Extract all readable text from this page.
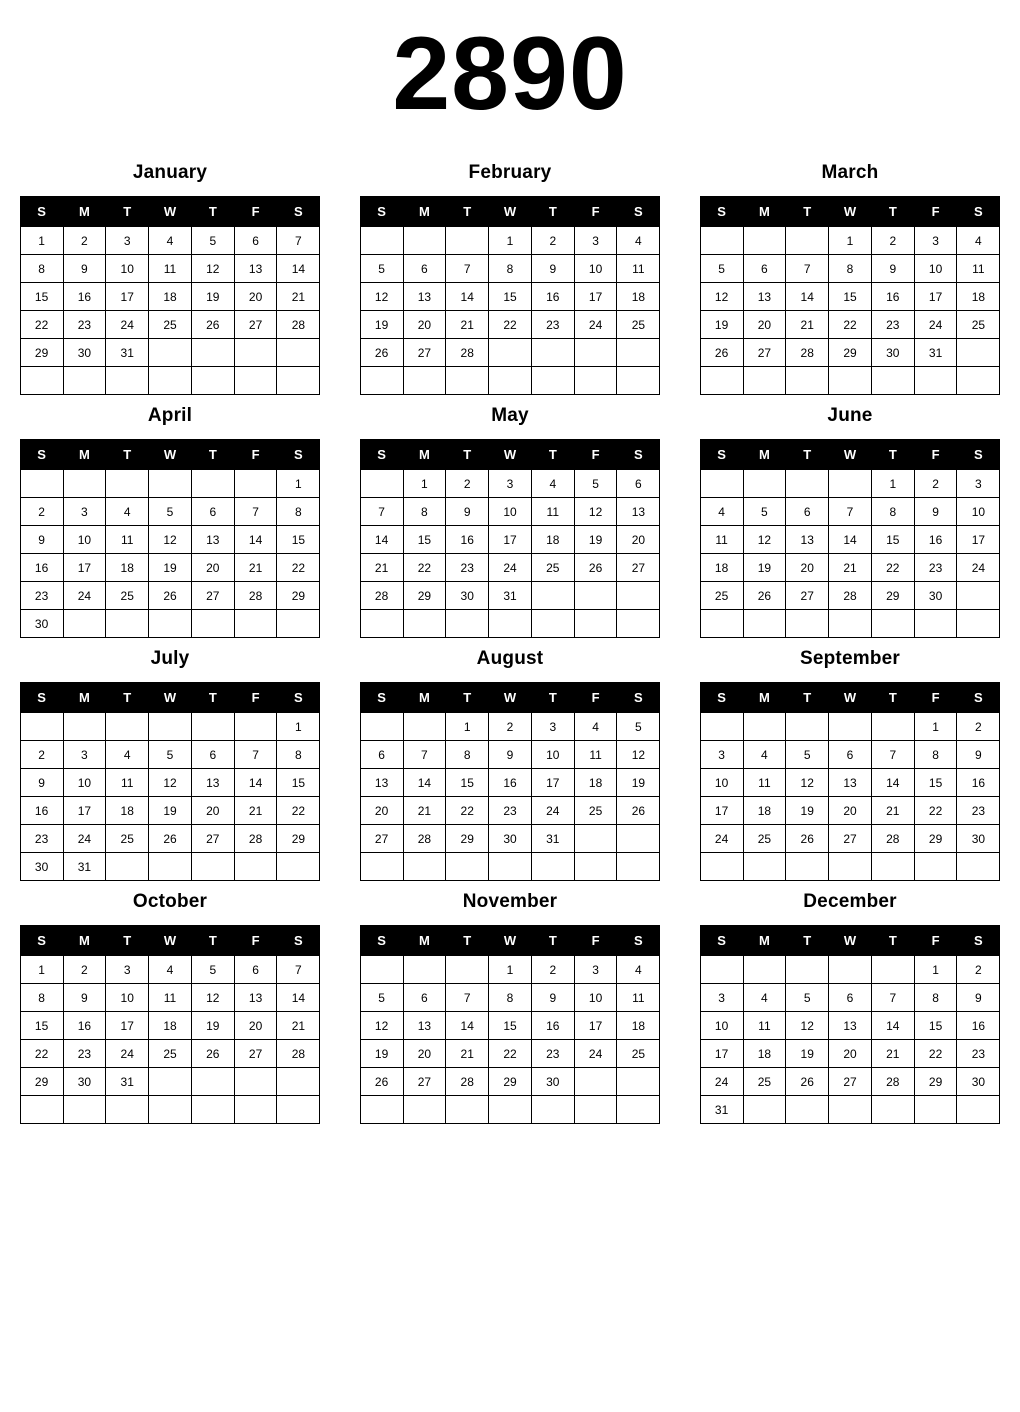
2890
January
S	M	T	W	T	F	S
1	2	3	4	5	6	7
8	9	10	11	12	13	14
15	16	17	18	19	20	21
22	23	24	25	26	27	28
29	30	31				

February
S	M	T	W	T	F	S
			1	2	3	4
5	6	7	8	9	10	11
12	13	14	15	16	17	18
19	20	21	22	23	24	25
26	27	28				

March
S	M	T	W	T	F	S
			1	2	3	4
5	6	7	8	9	10	11
12	13	14	15	16	17	18
19	20	21	22	23	24	25
26	27	28	29	30	31	

April
S	M	T	W	T	F	S
						1
2	3	4	5	6	7	8
9	10	11	12	13	14	15
16	17	18	19	20	21	22
23	24	25	26	27	28	29
30						
May
S	M	T	W	T	F	S
	1	2	3	4	5	6
7	8	9	10	11	12	13
14	15	16	17	18	19	20
21	22	23	24	25	26	27
28	29	30	31			

June
S	M	T	W	T	F	S
				1	2	3
4	5	6	7	8	9	10
11	12	13	14	15	16	17
18	19	20	21	22	23	24
25	26	27	28	29	30	

July
S	M	T	W	T	F	S
						1
2	3	4	5	6	7	8
9	10	11	12	13	14	15
16	17	18	19	20	21	22
23	24	25	26	27	28	29
30	31					
August
S	M	T	W	T	F	S
		1	2	3	4	5
6	7	8	9	10	11	12
13	14	15	16	17	18	19
20	21	22	23	24	25	26
27	28	29	30	31		

September
S	M	T	W	T	F	S
					1	2
3	4	5	6	7	8	9
10	11	12	13	14	15	16
17	18	19	20	21	22	23
24	25	26	27	28	29	30

October
S	M	T	W	T	F	S
1	2	3	4	5	6	7
8	9	10	11	12	13	14
15	16	17	18	19	20	21
22	23	24	25	26	27	28
29	30	31				

November
S	M	T	W	T	F	S
			1	2	3	4
5	6	7	8	9	10	11
12	13	14	15	16	17	18
19	20	21	22	23	24	25
26	27	28	29	30		

December
S	M	T	W	T	F	S
					1	2
3	4	5	6	7	8	9
10	11	12	13	14	15	16
17	18	19	20	21	22	23
24	25	26	27	28	29	30
31						
